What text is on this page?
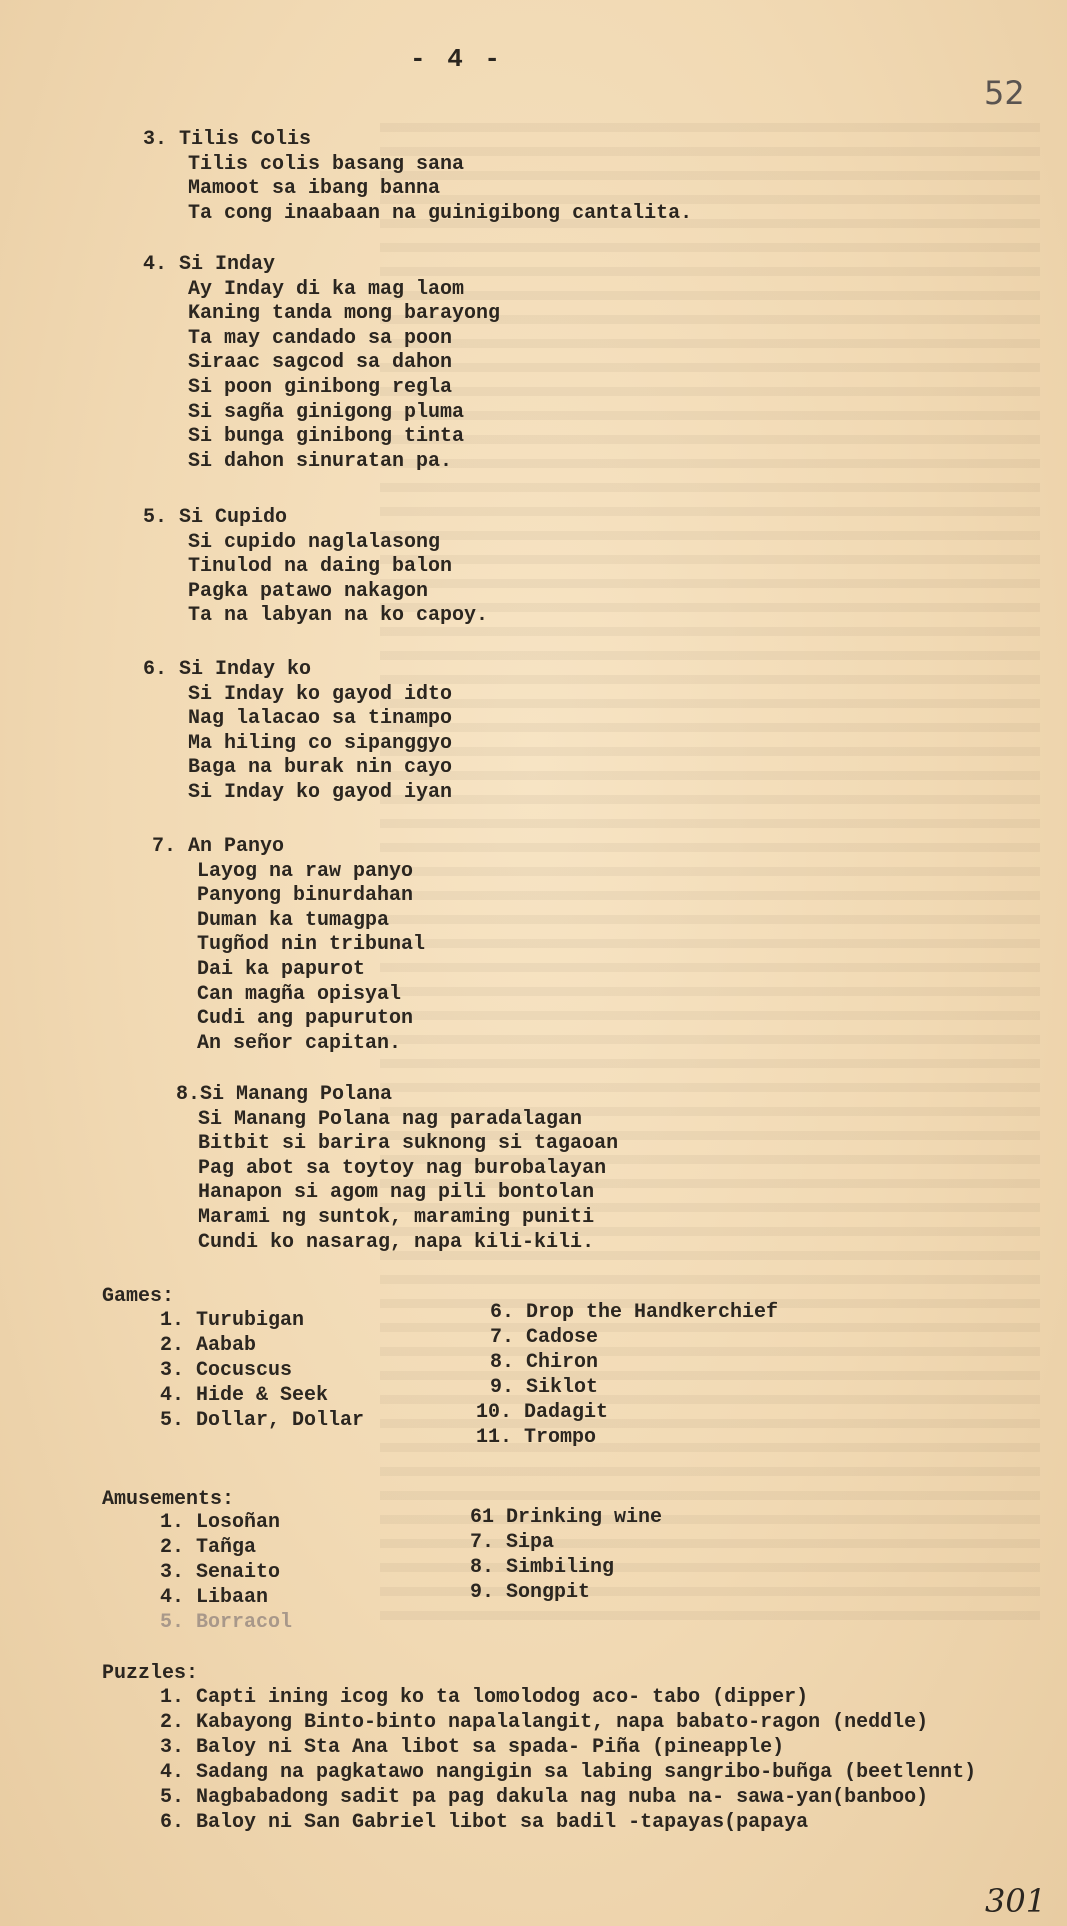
- 4 -
52
3. Tilis Colis
Tilis colis basang sana
Mamoot sa ibang banna
Ta cong inaabaan na guinigibong cantalita.
4. Si Inday
Ay Inday di ka mag laom
Kaning tanda mong barayong
Ta may candado sa poon
Siraac sagcod sa dahon
Si poon ginibong regla
Si sagña ginigong pluma
Si bunga ginibong tinta
Si dahon sinuratan pa.
5. Si Cupido
Si cupido naglalasong
Tinulod na daing balon
Pagka patawo nakagon
Ta na labyan na ko capoy.
6. Si Inday ko
Si Inday ko gayod idto
Nag lalacao sa tinampo
Ma hiling co sipanggyo
Baga na burak nin cayo
Si Inday ko gayod iyan
7. An Panyo
Layog na raw panyo
Panyong binurdahan
Duman ka tumagpa
Tugñod nin tribunal
Dai ka papurot
Can magña opisyal
Cudi ang papuruton
An señor capitan.
8.Si Manang Polana
Si Manang Polana nag paradalagan
Bitbit si barira suknong si tagaoan
Pag abot sa toytoy nag burobalayan
Hanapon si agom nag pili bontolan
Marami ng suntok, maraming puniti
Cundi ko nasarag, napa kili-kili.
Games:
1. Turubigan
2. Aabab
3. Cocuscus
4. Hide & Seek
5. Dollar, Dollar
6. Drop the Handkerchief
7. Cadose
8. Chiron
9. Siklot
10. Dadagit
11. Trompo
Amusements:
1. Losoñan
2. Tañga
3. Senaito
4. Libaan
5. Borracol
61 Drinking wine
7. Sipa
8. Simbiling
9. Songpit
Puzzles:
1. Capti ining icog ko ta lomolodog aco- tabo (dipper)
2. Kabayong Binto-binto napalalangit, napa babato-ragon (neddle)
3. Baloy ni Sta Ana libot sa spada- Piña (pineapple)
4. Sadang na pagkatawo nangigin sa labing sangribo-buñga (beetlennt)
5. Nagbabadong sadit pa pag dakula nag nuba na- sawa-yan(banboo)
6. Baloy ni San Gabriel libot sa badil -tapayas(papaya
301
